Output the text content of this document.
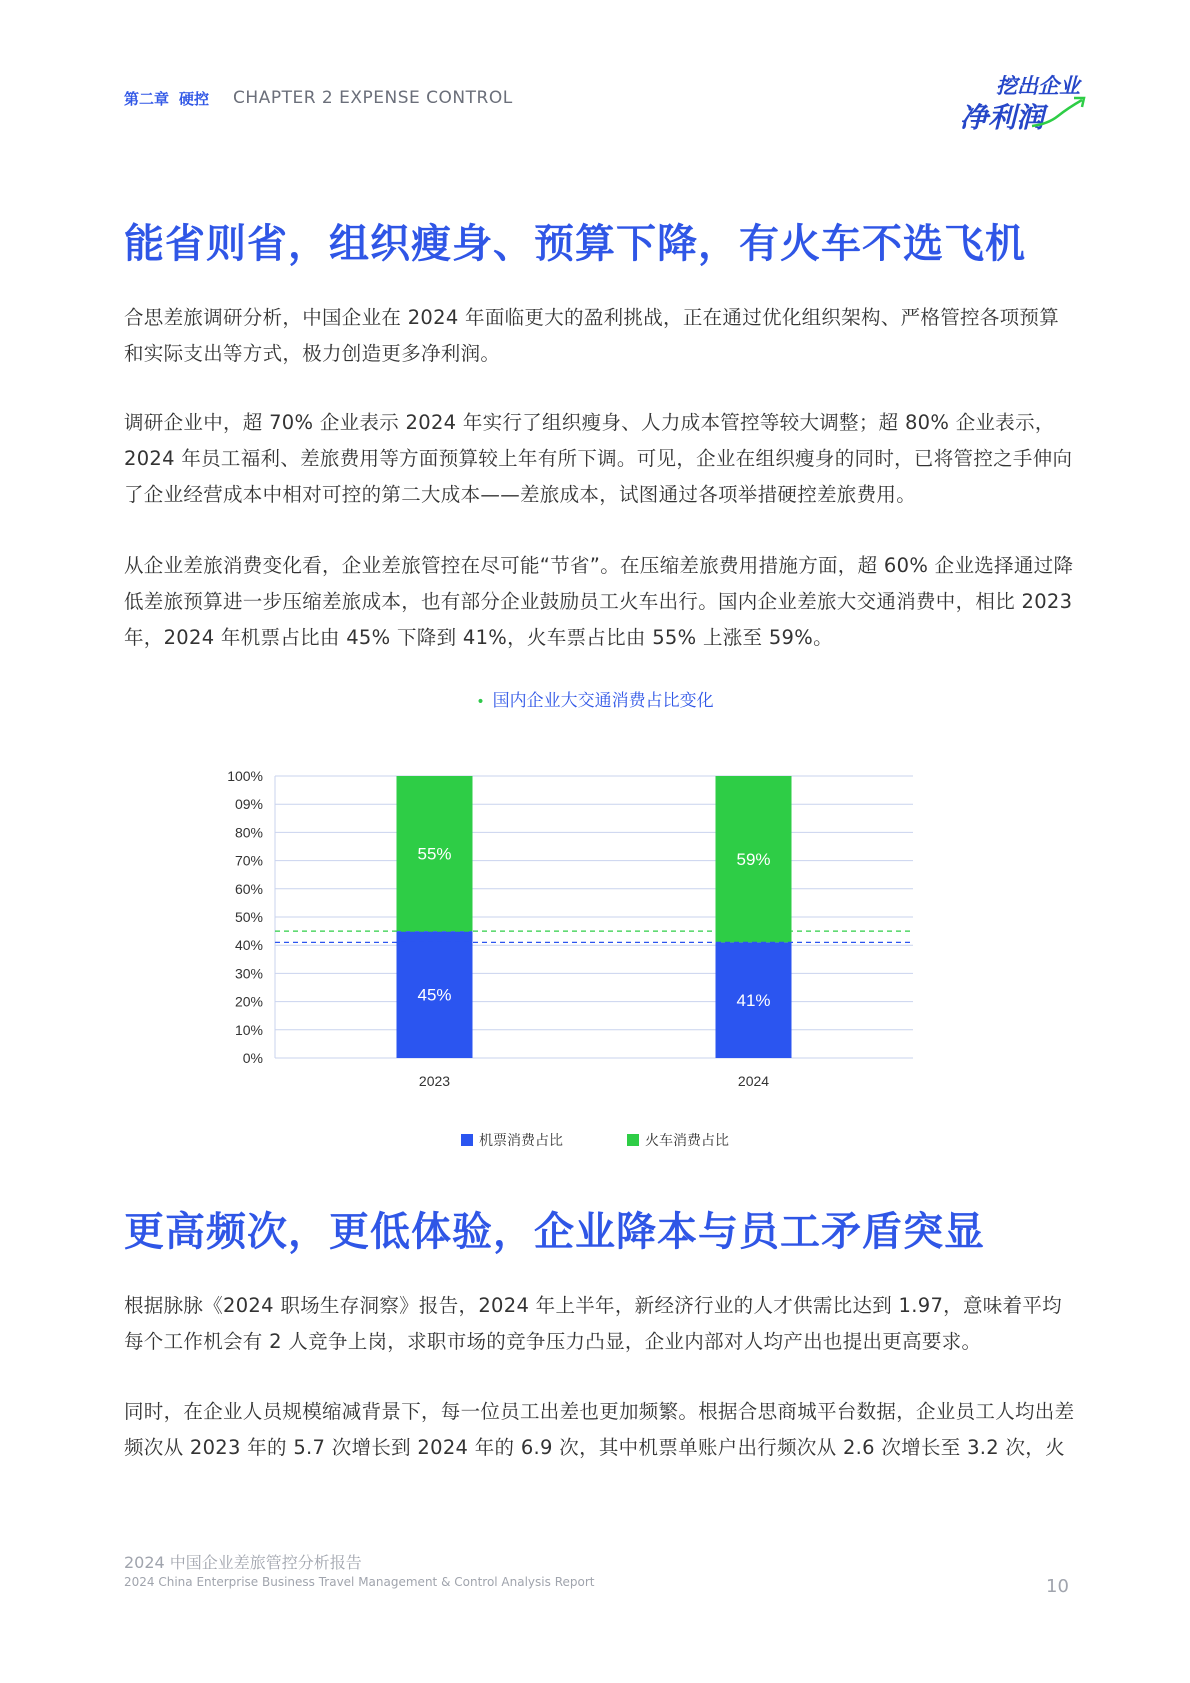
第二章 硬控	CHAPTER 2 EXPENSE CONTROL	挖出企业
净利润
能省则省，组织瘦身、预算下降，有火车不选飞机

合思差旅调研分析，中国企业在 2024 年面临更大的盈利挑战，正在通过优化组织架构、严格管控各项预算和实际支出等方式，极力创造更多净利润。

调研企业中，超 70% 企业表示 2024 年实行了组织瘦身、人力成本管控等较大调整；超 80% 企业表示，2024 年员工福利、差旅费用等方面预算较上年有所下调。可见，企业在组织瘦身的同时，已将管控之手伸向了企业经营成本中相对可控的第二大成本——差旅成本，试图通过各项举措硬控差旅费用。

从企业差旅消费变化看，企业差旅管控在尽可能“节省”。在压缩差旅费用措施方面，超 60% 企业选择通过降低差旅预算进一步压缩差旅成本，也有部分企业鼓励员工火车出行。国内企业差旅大交通消费中，相比 2023 年，2024 年机票占比由 45% 下降到 41%，火车票占比由 55% 上涨至 59%。

• 国内企业大交通消费占比变化
0%
10%
20%
30%
40%
50%
60%
70%
80%
09%
100%
45%
55%
2023
41%
59%
2024
机票消费占比	火车消费占比
更高频次，更低体验，企业降本与员工矛盾突显

根据脉脉《2024 职场生存洞察》报告，2024 年上半年，新经济行业的人才供需比达到 1.97，意味着平均每个工作机会有 2 人竞争上岗，求职市场的竞争压力凸显，企业内部对人均产出也提出更高要求。

同时，在企业人员规模缩减背景下，每一位员工出差也更加频繁。根据合思商城平台数据，企业员工人均出差频次从 2023 年的 5.7 次增长到 2024 年的 6.9 次，其中机票单账户出行频次从 2.6 次增长至 3.2 次，火

2024 中国企业差旅管控分析报告
2024 China Enterprise Business Travel Management & Control Analysis Report	10
